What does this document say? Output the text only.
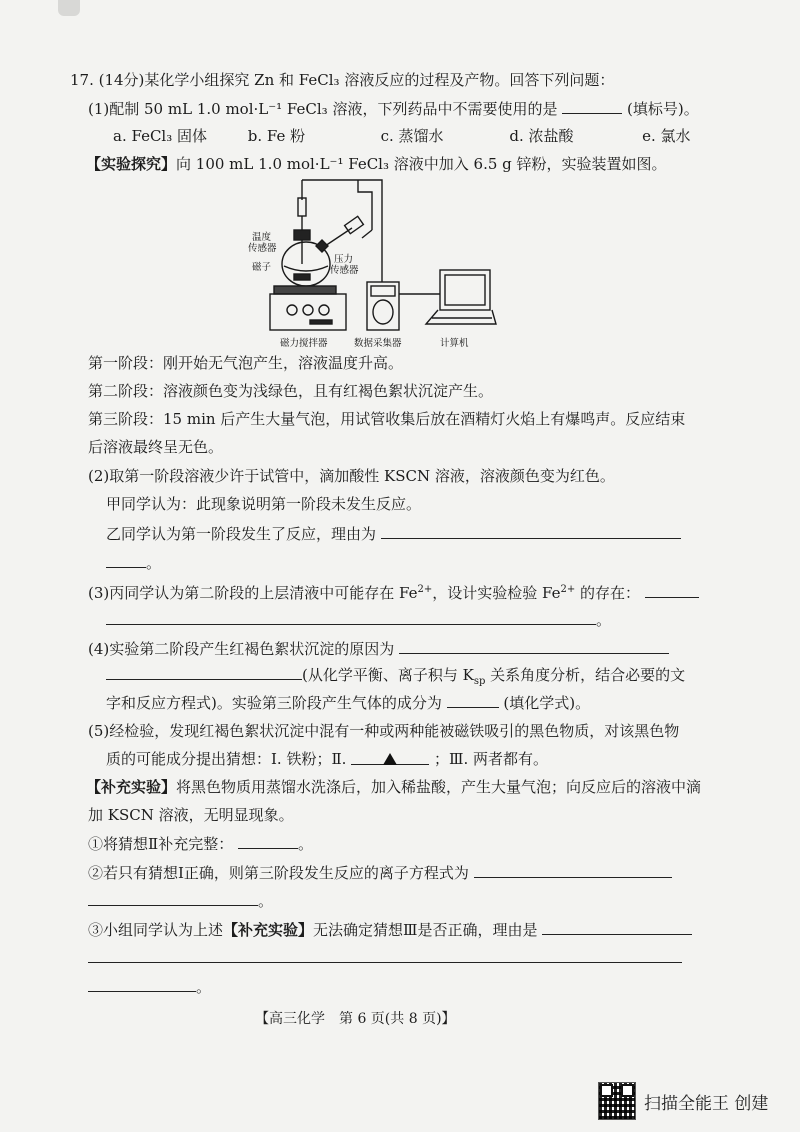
17. (14分)某化学小组探究 Zn 和 FeCl₃ 溶液反应的过程及产物。回答下列问题：
(1)配制 50 mL 1.0 mol·L⁻¹ FeCl₃ 溶液，下列药品中不需要使用的是	(填标号)。
a. FeCl₃ 固体	b. Fe 粉	c. 蒸馏水	d. 浓盐酸	e. 氯水
【实验探究】向 100 mL 1.0 mol·L⁻¹ FeCl₃ 溶液中加入 6.5 g 锌粉，实验装置如图。
温度
传感器
磁子
压力
传感器
磁力搅拌器	数据采集器	计算机
第一阶段：刚开始无气泡产生，溶液温度升高。
第二阶段：溶液颜色变为浅绿色，且有红褐色絮状沉淀产生。
第三阶段：15 min 后产生大量气泡，用试管收集后放在酒精灯火焰上有爆鸣声。反应结束
后溶液最终呈无色。
(2)取第一阶段溶液少许于试管中，滴加酸性 KSCN 溶液，溶液颜色变为红色。
甲同学认为：此现象说明第一阶段未发生反应。
乙同学认为第一阶段发生了反应，理由为
。
(3)丙同学认为第二阶段的上层清液中可能存在 $Fe^{2+}$，设计实验检验 $Fe^{2+}$ 的存在：
。
(4)实验第二阶段产生红褐色絮状沉淀的原因为
(从化学平衡、离子积与 $K_{sp}$ 关系角度分析，结合必要的文
字和反应方程式)。实验第三阶段产生气体的成分为	(填化学式)。
(5)经检验，发现红褐色絮状沉淀中混有一种或两种能被磁铁吸引的黑色物质，对该黑色物
质的可能成分提出猜想：Ⅰ. 铁粉；Ⅱ.	；Ⅲ. 两者都有。
【补充实验】将黑色物质用蒸馏水洗涤后，加入稀盐酸，产生大量气泡；向反应后的溶液中滴
加 KSCN 溶液，无明显现象。
①将猜想Ⅱ补充完整：	。
②若只有猜想Ⅰ正确，则第三阶段发生反应的离子方程式为
。
③小组同学认为上述【补充实验】无法确定猜想Ⅲ是否正确，理由是
。
【高三化学　第 6 页(共 8 页)】
扫描全能王 创建
